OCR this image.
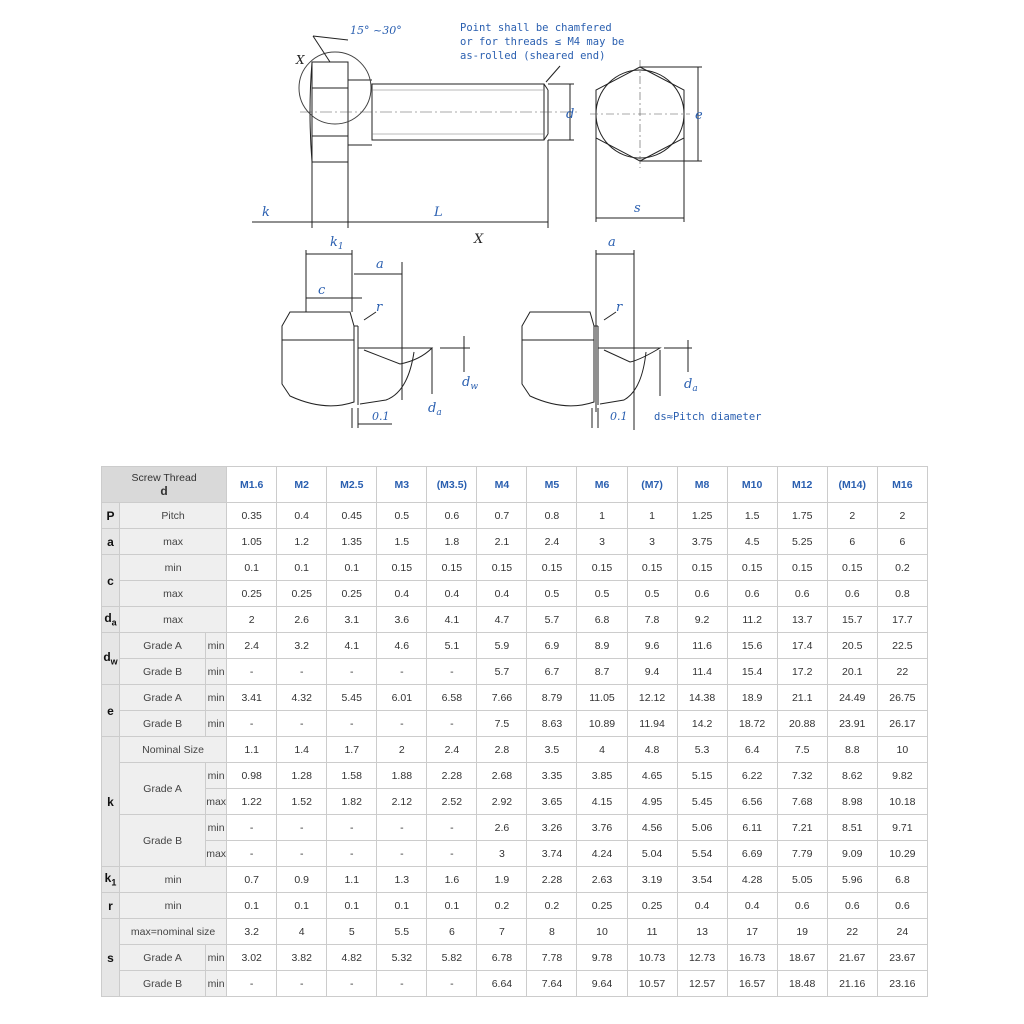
15° ~30°
X
Point shall be chamfered
or for threads ≤ M4 may be
as-rolled (sheared end)
d
k	L
X
e
s
$k_1$
a
c
r
$d_w$
$d_a$
0.1
a
r
$d_a$
0.1	ds≈Pitch diameter
Screw Thread
d			M1.6	M2	M2.5	M3	(M3.5)	M4	M5	M6	(M7)	M8	M10	M12	(M14)	M16
P	Pitch		0.35	0.4	0.45	0.5	0.6	0.7	0.8	1	1	1.25	1.5	1.75	2	2
a	max		1.05	1.2	1.35	1.5	1.8	2.1	2.4	3	3	3.75	4.5	5.25	6	6
c	min		0.1	0.1	0.1	0.15	0.15	0.15	0.15	0.15	0.15	0.15	0.15	0.15	0.15	0.2
	max		0.25	0.25	0.25	0.4	0.4	0.4	0.5	0.5	0.5	0.6	0.6	0.6	0.6	0.8
$d_a$	max		2	2.6	3.1	3.6	4.1	4.7	5.7	6.8	7.8	9.2	11.2	13.7	15.7	17.7
$d_w$	Grade A	min	2.4	3.2	4.1	4.6	5.1	5.9	6.9	8.9	9.6	11.6	15.6	17.4	20.5	22.5
	Grade B	min	-	-	-	-	-	5.7	6.7	8.7	9.4	11.4	15.4	17.2	20.1	22
e	Grade A	min	3.41	4.32	5.45	6.01	6.58	7.66	8.79	11.05	12.12	14.38	18.9	21.1	24.49	26.75
	Grade B	min	-	-	-	-	-	7.5	8.63	10.89	11.94	14.2	18.72	20.88	23.91	26.17
k	Nominal Size		1.1	1.4	1.7	2	2.4	2.8	3.5	4	4.8	5.3	6.4	7.5	8.8	10
	Grade A	min	0.98	1.28	1.58	1.88	2.28	2.68	3.35	3.85	4.65	5.15	6.22	7.32	8.62	9.82
		max	1.22	1.52	1.82	2.12	2.52	2.92	3.65	4.15	4.95	5.45	6.56	7.68	8.98	10.18
	Grade B	min	-	-	-	-	-	2.6	3.26	3.76	4.56	5.06	6.11	7.21	8.51	9.71
		max	-	-	-	-	-	3	3.74	4.24	5.04	5.54	6.69	7.79	9.09	10.29
$k_1$	min		0.7	0.9	1.1	1.3	1.6	1.9	2.28	2.63	3.19	3.54	4.28	5.05	5.96	6.8
r	min		0.1	0.1	0.1	0.1	0.1	0.2	0.2	0.25	0.25	0.4	0.4	0.6	0.6	0.6
s	max=nominal size		3.2	4	5	5.5	6	7	8	10	11	13	17	19	22	24
	Grade A	min	3.02	3.82	4.82	5.32	5.82	6.78	7.78	9.78	10.73	12.73	16.73	18.67	21.67	23.67
	Grade B	min	-	-	-	-	-	6.64	7.64	9.64	10.57	12.57	16.57	18.48	21.16	23.16
